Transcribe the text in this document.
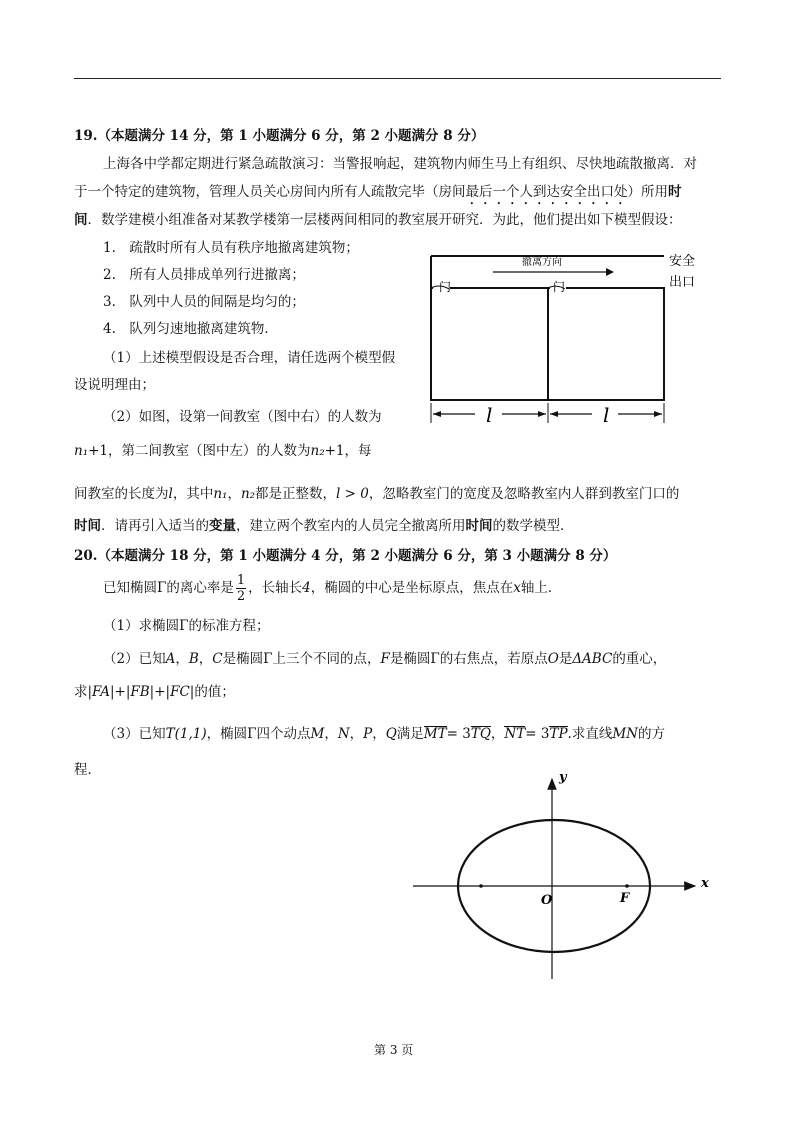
19.（本题满分 14 分，第 1 小题满分 6 分，第 2 小题满分 8 分）
上海各中学都定期进行紧急疏散演习：当警报响起，建筑物内师生马上有组织、尽快地疏散撤离．对
于一个特定的建筑物，管理人员关心房间内所有人疏散完毕（房间最后一个人到达安全出口处）所用时
间．数学建模小组准备对某教学楼第一层楼两间相同的教室展开研究．为此，他们提出如下模型假设：
1.　疏散时所有人员有秩序地撤离建筑物；
2.　所有人员排成单列行进撤离；
3.　队列中人员的间隔是均匀的；
4.　队列匀速地撤离建筑物．
（1）上述模型假设是否合理，请任选两个模型假
设说明理由；
（2）如图，设第一间教室（图中右）的人数为
n₁+1，第二间教室（图中左）的人数为n₂+1，每
间教室的长度为l，其中n₁，n₂都是正整数，l > 0，忽略教室门的宽度及忽略教室内人群到教室门口的
时间．请再引入适当的变量，建立两个教室内的人员完全撤离所用时间的数学模型．
门	门
撤离方向	安全
出口
l	l
20.（本题满分 18 分，第 1 小题满分 4 分，第 2 小题满分 6 分，第 3 小题满分 8 分）
已知椭圆Γ的离心率是 $\frac{1}{2}$ ，长轴长4，椭圆的中心是坐标原点，焦点在x轴上．
（1）求椭圆Γ的标准方程；
（2）已知A，B，C是椭圆Γ上三个不同的点，F是椭圆Γ的右焦点，若原点O是ΔABC的重心，
求|FA|+|FB|+|FC|的值；
（3）已知T(1,1)，椭圆Γ四个动点M，N，P，Q满足MT= 3TQ，NT= 3TP.求直线MN的方
程．
x
y
O	F
第 3 页
